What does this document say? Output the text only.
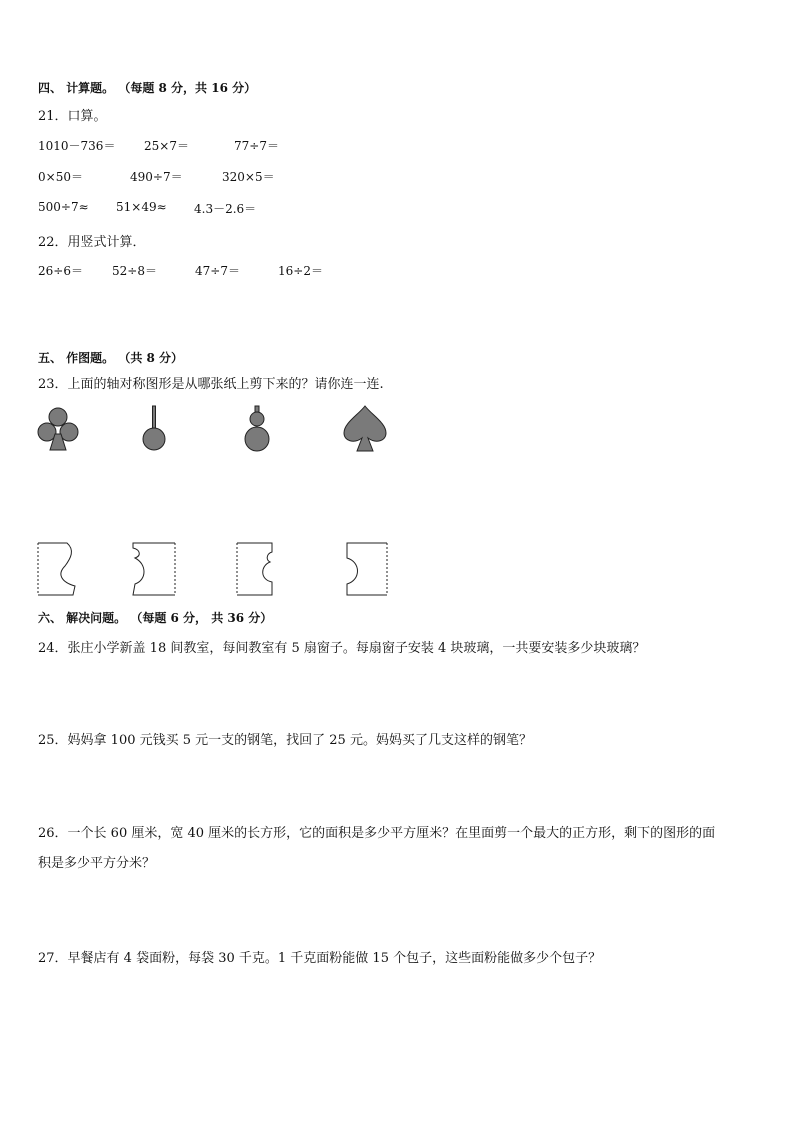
四、 计算题。 （每题 8 分，共 16 分）
21．口算。
1010－736＝ 25×7＝	77÷7＝
0×50＝	490÷7＝	320×5＝
500÷7≈ 51×49≈ 4.3－2.6＝
22．用竖式计算．
26÷6＝ 52÷8＝	47÷7＝	16÷2＝
五、 作图题。 （共 8 分）
23．上面的轴对称图形是从哪张纸上剪下来的？请你连一连.
六、 解决问题。 （每题 6 分， 共 36 分）
24．张庄小学新盖 18 间教室，每间教室有 5 扇窗子。每扇窗子安装 4 块玻璃，一共要安装多少块玻璃？
25．妈妈拿 100 元钱买 5 元一支的钢笔，找回了 25 元。妈妈买了几支这样的钢笔？
26．一个长 60 厘米，宽 40 厘米的长方形，它的面积是多少平方厘米？在里面剪一个最大的正方形，剩下的图形的面
积是多少平方分米？
27．早餐店有 4 袋面粉，每袋 30 千克。1 千克面粉能做 15 个包子，这些面粉能做多少个包子？
